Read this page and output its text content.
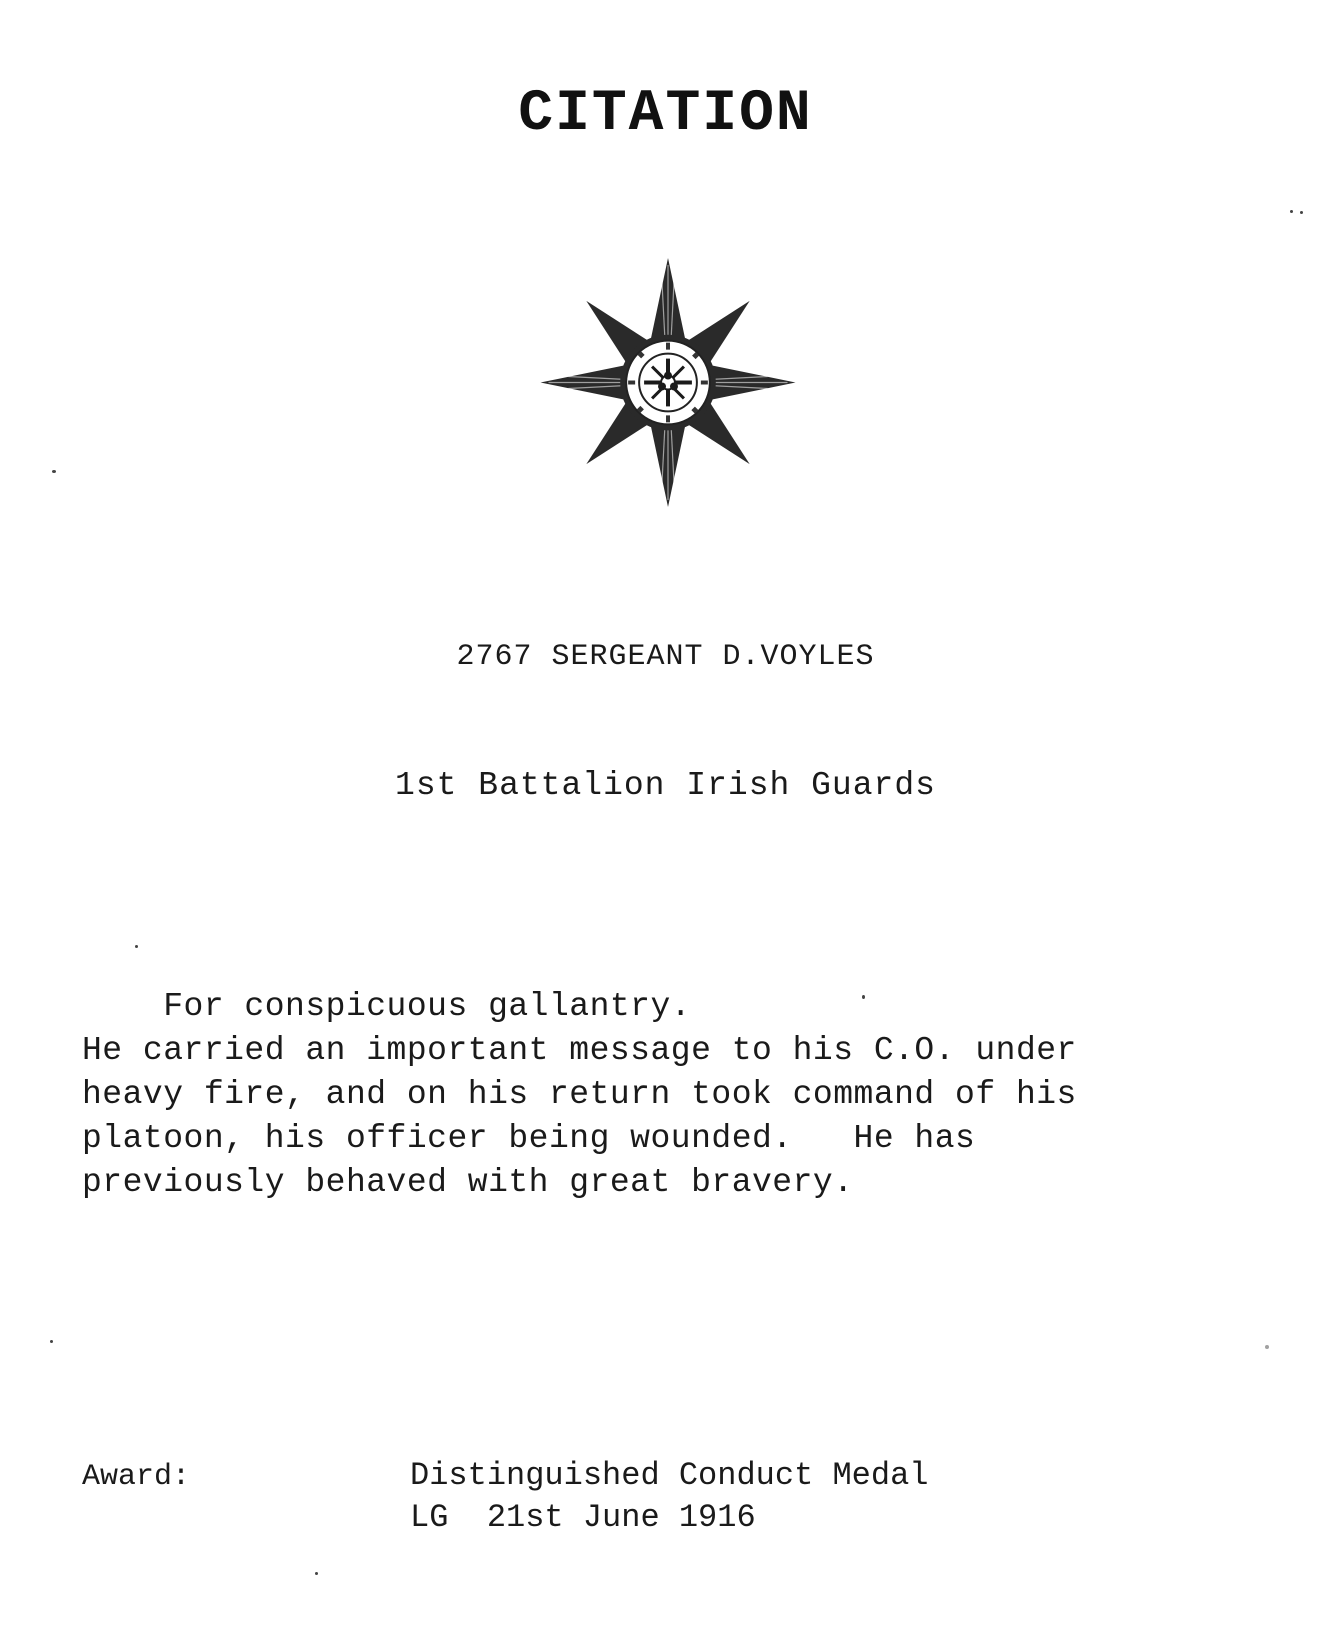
CITATION
2767 SERGEANT D.VOYLES
1st Battalion Irish Guards
For conspicuous gallantry.
He carried an important message to his C.O. under
heavy fire, and on his return took command of his
platoon, his officer being wounded.   He has
previously behaved with great bravery.
Award:	Distinguished Conduct Medal
LG  21st June 1916
